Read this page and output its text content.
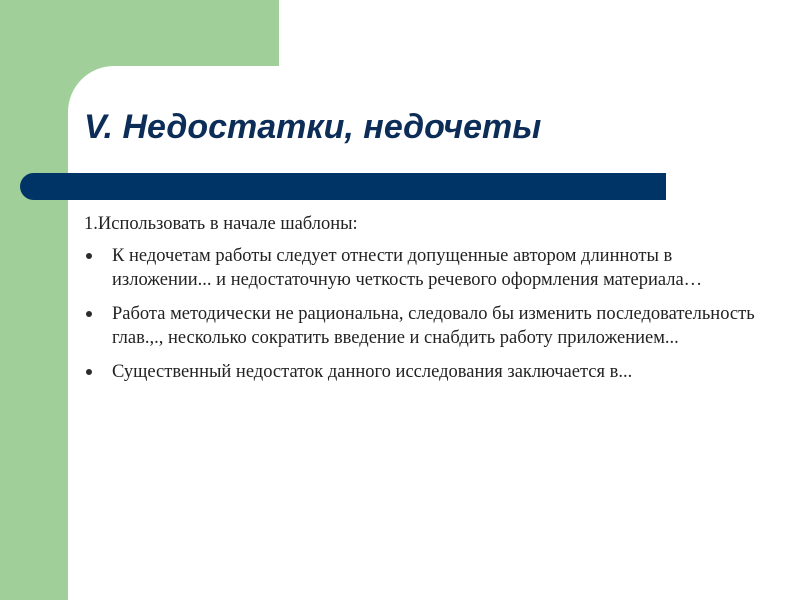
V. Недостатки, недочеты

1.Использовать в начале шаблоны:

К недочетам работы следует отнести допущенные автором длинноты в изложении... и недостаточную четкость речевого оформления материала…
Работа методически не рациональна, следовало бы изменить последовательность глав.,., несколько сократить введение и снабдить работу приложением...
Существенный недостаток данного исследования заключается в...
